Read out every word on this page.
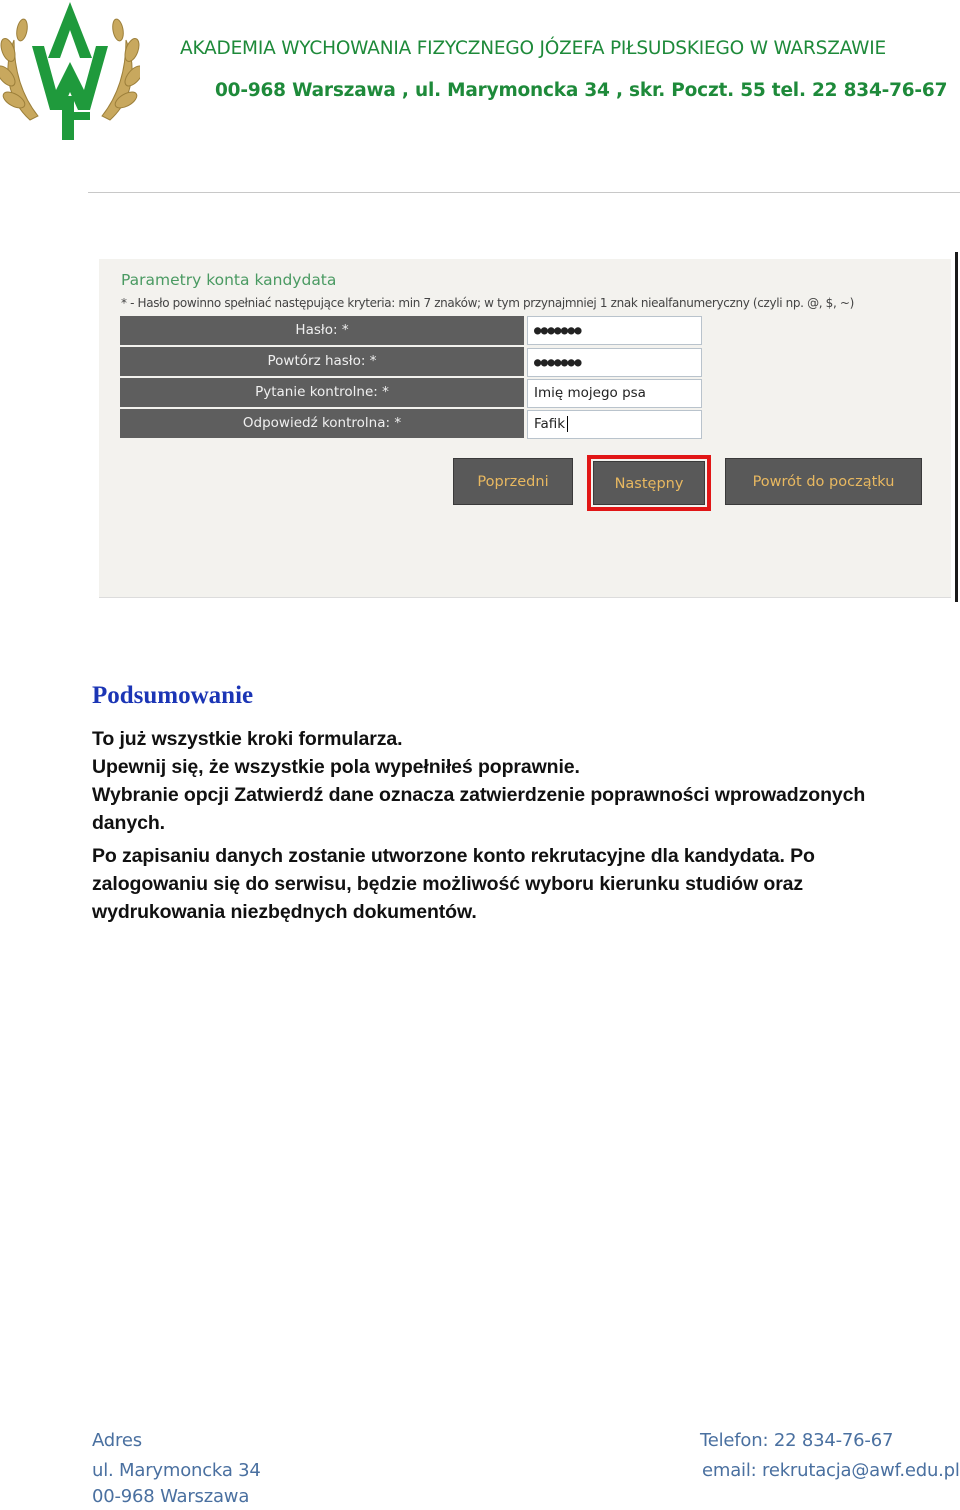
AKADEMIA WYCHOWANIA FIZYCZNEGO JÓZEFA PIŁSUDSKIEGO W WARSZAWIE
00-968 Warszawa , ul. Marymoncka 34 , skr. Poczt. 55 tel. 22 834-76-67
Parametry konta kandydata
* - Hasło powinno spełniać następujące kryteria: min 7 znaków; w tym przynajmniej 1 znak niealfanumeryczny (czyli np. @, $, ~)
Hasło: *	●●●●●●●
Powtórz hasło: *	●●●●●●●
Pytanie kontrolne: *	Imię mojego psa
Odpowiedź kontrolna: *	Fafik
Poprzedni	Następny	Powrót do początku
Podsumowanie
To już wszystkie kroki formularza.
Upewnij się, że wszystkie pola wypełniłeś poprawnie.
Wybranie opcji Zatwierdź dane oznacza zatwierdzenie poprawności wprowadzonych danych.
Po zapisaniu danych zostanie utworzone konto rekrutacyjne dla kandydata. Po zalogowaniu się do serwisu, będzie możliwość wyboru kierunku studiów oraz wydrukowania niezbędnych dokumentów.
Adres
ul. Marymoncka 34
00-968 Warszawa
Telefon: 22 834-76-67
email: rekrutacja@awf.edu.pl
